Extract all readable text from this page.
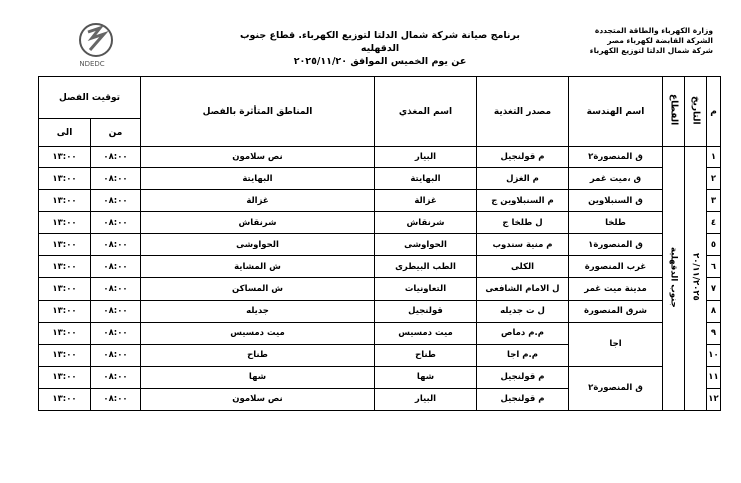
وزارة الكهرباء والطاقة المتجددة
الشركة القابضة لكهرباء مصر
شركة شمال الدلتا لتوزيع الكهرباء
برنامج صيانة شركة شمال الدلتا لتوزيع الكهرباء. قطاع جنوب الدقهليه
عن يوم الخميس الموافق ٢٠٢٥/١١/٢٠
NDEDC
م	التاريخ	القطاع	اسم الهندسة	مصدر التغذية	اسم المغذي	المناطق المتأثرة بالفصل	توقيت الفصل	
							من	الى
١	٢٠/١١/٢٠٢٥	جنوب الدقهلية	ق المنصورة٢	م قولنجيل	البيار	نص سلامون	٠٨:٠٠	١٣:٠٠
٢			ق ،ميت غمر	م الغزل	البهايتة	البهايتة	٠٨:٠٠	١٣:٠٠
٣			ق السنبلاوين	م السنبلاوين ج	غزالة	غزالة	٠٨:٠٠	١٣:٠٠
٤			طلخا	ل طلخا ج	شرنقاش	شرنقاش	٠٨:٠٠	١٣:٠٠
٥			ق المنصورة١	م منية سندوب	الحواوشى	الحواوشى	٠٨:٠٠	١٣:٠٠
٦			غرب المنصورة	الكلى	الطب البيطرى	ش المشاية	٠٨:٠٠	١٣:٠٠
٧			مدينة ميت غمر	ل الامام الشافعى	التعاونيات	ش المساكن	٠٨:٠٠	١٣:٠٠
٨			شرق المنصورة	ل ت جديله	قولنجيل	جديله	٠٨:٠٠	١٣:٠٠
٩			اجا	م.م دماص	ميت دمسيس	ميت دمسيس	٠٨:٠٠	١٣:٠٠
١٠				م.م اجا	طناح	طناح	٠٨:٠٠	١٣:٠٠
١١			ق المنصورة٢	م قولنجيل	شها	شها	٠٨:٠٠	١٣:٠٠
١٢				م قولنجيل	البيار	نص سلامون	٠٨:٠٠	١٣:٠٠
